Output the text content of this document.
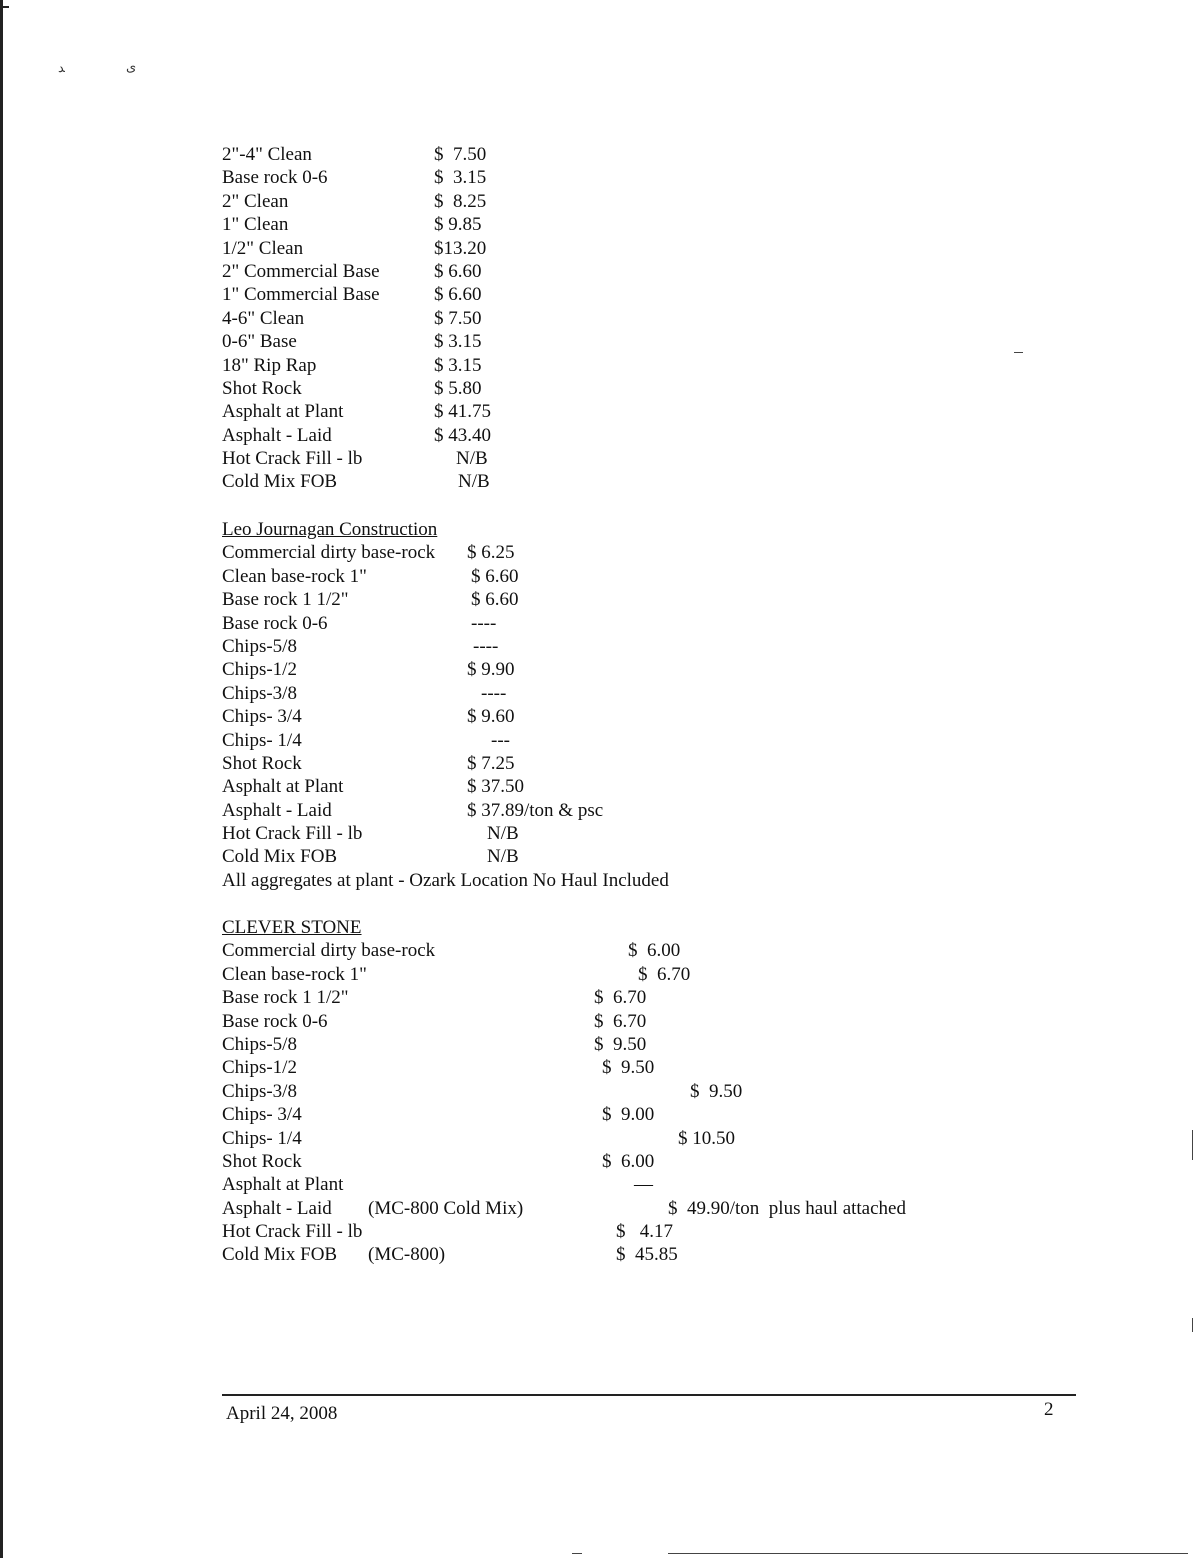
ﺪ	ﻯ
2"-4" Clean	$  7.50
Base rock 0-6	$  3.15
2" Clean	$  8.25
1" Clean	$ 9.85
1/2" Clean	$13.20
2" Commercial Base	$ 6.60
1" Commercial Base	$ 6.60
4-6" Clean	$ 7.50
0-6" Base	$ 3.15
18" Rip Rap	$ 3.15
Shot Rock	$ 5.80
Asphalt at Plant	$ 41.75
Asphalt - Laid	$ 43.40
Hot Crack Fill - lb	N/B
Cold Mix FOB	N/B
Leo Journagan Construction
Commercial dirty base-rock $ 6.25
Clean base-rock 1"	$ 6.60
Base rock 1 1/2"	$ 6.60
Base rock 0-6	----
Chips-5/8	----
Chips-1/2	$ 9.90
Chips-3/8	----
Chips- 3/4	$ 9.60
Chips- 1/4	---
Shot Rock	$ 7.25
Asphalt at Plant	$ 37.50
Asphalt - Laid	$ 37.89/ton & psc
Hot Crack Fill - lb	N/B
Cold Mix FOB	N/B
All aggregates at plant - Ozark Location No Haul Included
CLEVER STONE
Commercial dirty base-rock	$  6.00
Clean base-rock 1"	$  6.70
Base rock 1 1/2"	$  6.70
Base rock 0-6	$  6.70
Chips-5/8	$  9.50
Chips-1/2	$  9.50
Chips-3/8	$  9.50
Chips- 3/4	$  9.00
Chips- 1/4	$ 10.50
Shot Rock	$  6.00
Asphalt at Plant	—
Asphalt - Laid (MC-800 Cold Mix)	$  49.90/ton  plus haul attached
Hot Crack Fill - lb	$   4.17
Cold Mix FOB (MC-800)	$  45.85
April 24, 2008	2
